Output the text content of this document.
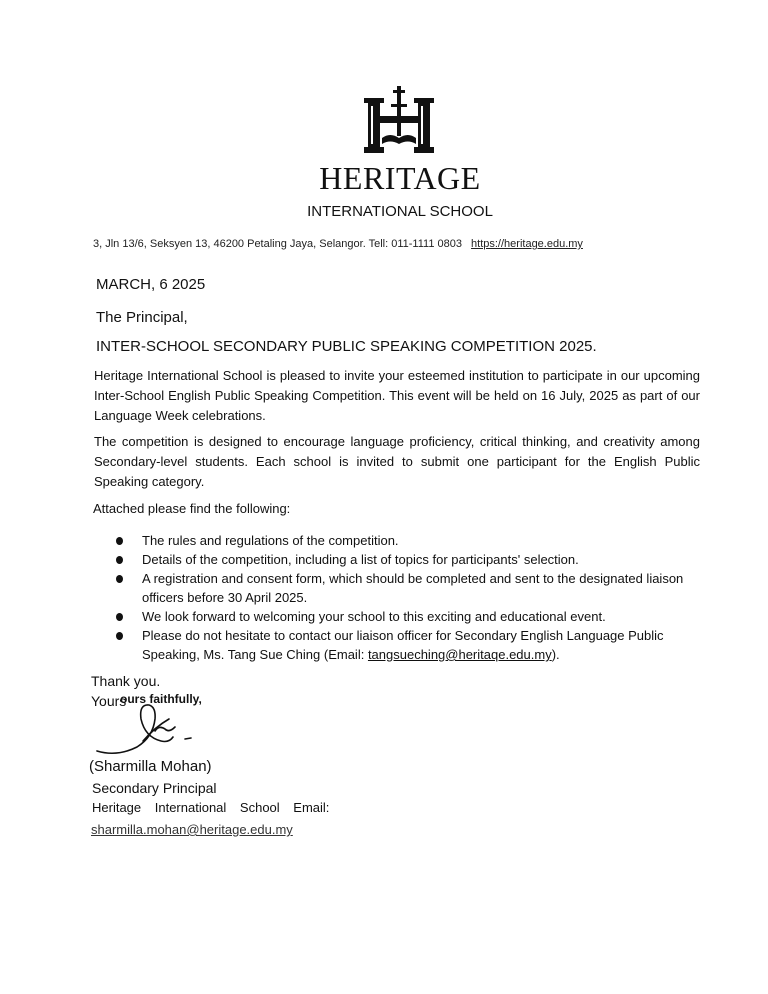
HERITAGE
INTERNATIONAL SCHOOL
3, Jln 13/6, Seksyen 13, 46200 Petaling Jaya, Selangor. Tell: 011-1111 0803 https://heritage.edu.my
MARCH, 6 2025
The Principal,
INTER-SCHOOL SECONDARY PUBLIC SPEAKING COMPETITION 2025.
Heritage International School is pleased to invite your esteemed institution to participate in our upcoming Inter-School English Public Speaking Competition. This event will be held on 16 July, 2025 as part of our Language Week celebrations.
The competition is designed to encourage language proficiency, critical thinking, and creativity among Secondary-level students. Each school is invited to submit one participant for the English Public Speaking category.
Attached please find the following:
The rules and regulations of the competition.
Details of the competition, including a list of topics for participants' selection.
A registration and consent form, which should be completed and sent to the designated liaison officers before 30 April 2025.
We look forward to welcoming your school to this exciting and educational event.
Please do not hesitate to contact our liaison officer for Secondary English Language Public Speaking, Ms. Tang Sue Ching (Email: tangsueching@heritaqe.edu.my).
Thank you.
Yours
ours faithfully,
(Sharmilla Mohan)
Secondary Principal
Heritage International School Email:
sharmilla.mohan@heritage.edu.my
